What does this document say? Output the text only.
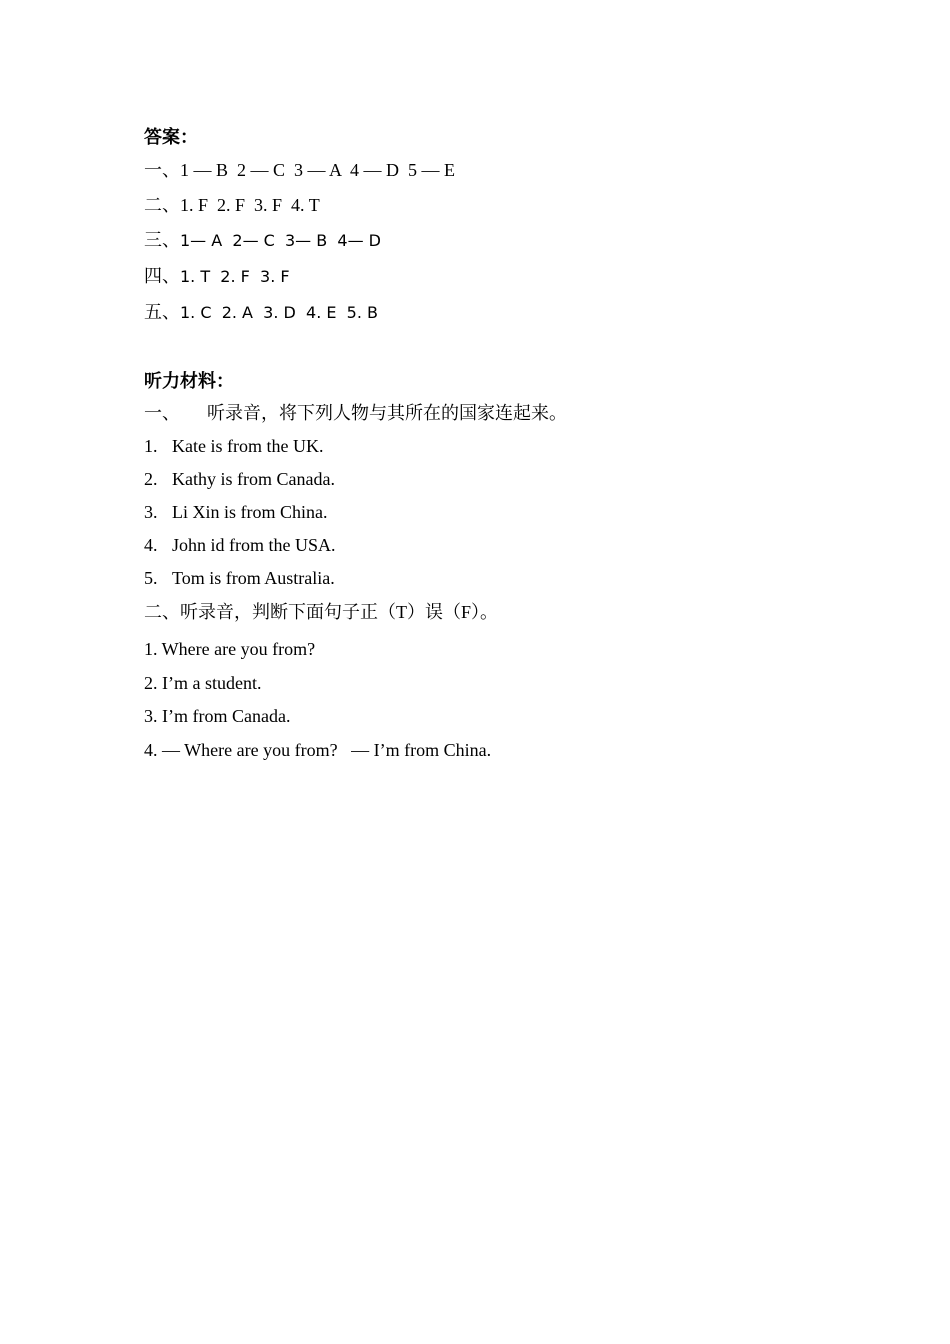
答案：
一、1 — B  2 — C  3 — A  4 — D  5 — E
二、1. F  2. F  3. F  4. T
三、1— A  2— C  3— B  4— D
四、1. T  2. F  3. F
五、1. C  2. A  3. D  4. E  5. B
听力材料：
一、      听录音，将下列人物与其所在的国家连起来。
1. Kate is from the UK.
2. Kathy is from Canada.
3. Li Xin is from China.
4. John id from the USA.
5. Tom is from Australia.
二、听录音，判断下面句子正（T）误（F）。
1. Where are you from?
2. I’m a student.
3. I’m from Canada.
4. — Where are you from?   — I’m from China.
